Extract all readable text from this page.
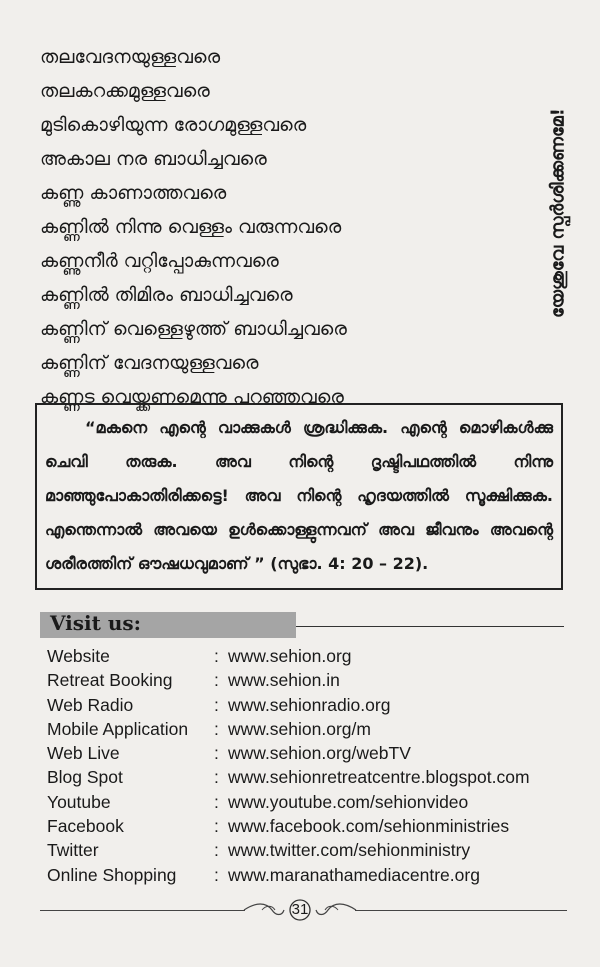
തലവേദനയുള്ളവരെ
തലകറക്കമുള്ളവരെ
മുടികൊഴിയുന്ന രോഗമുള്ളവരെ
അകാല നര ബാധിച്ചവരെ
കണ്ണു കാണാത്തവരെ
കണ്ണിൽ നിന്നു വെള്ളം വരുന്നവരെ
കണ്ണുനീർ വറ്റിപ്പോകുന്നവരെ
കണ്ണിൽ തിമിരം ബാധിച്ചവരെ
കണ്ണിന് വെള്ളെഴുത്ത് ബാധിച്ചവരെ
കണ്ണിന് വേദനയുള്ളവരെ
കണ്ണട വെയ്ക്കണമെന്നു പറഞ്ഞവരെ
യേശുവേ സ്പർശിക്കണമേ!

“മകനെ എന്റെ വാക്കുകൾ ശ്രദ്ധിക്കുക. എന്റെ മൊഴികൾക്കു ചെവി തരുക. അവ നിന്റെ ദൃഷ്ടിപഥത്തിൽ നിന്നു മാഞ്ഞുപോകാതിരിക്കട്ടെ! അവ നിന്റെ ഹൃദയത്തിൽ സൂക്ഷിക്കുക. എന്തെന്നാൽ അവയെ ഉൾക്കൊള്ളുന്നവന് അവ ജീവനും അവന്റെ ശരീരത്തിന് ഔഷധവുമാണ് ” (സുഭാ. 4: 20 – 22).

Visit us:
Website	: www.sehion.org
Retreat Booking : www.sehion.in
Web Radio	: www.sehionradio.org
Mobile Application : www.sehion.org/m
Web Live	: www.sehion.org/webTV
Blog Spot	: www.sehionretreatcentre.blogspot.com
Youtube	: www.youtube.com/sehionvideo
Facebook	: www.facebook.com/sehionministries
Twitter	: www.twitter.com/sehionministry
Online Shopping : www.maranathamediacentre.org
31
